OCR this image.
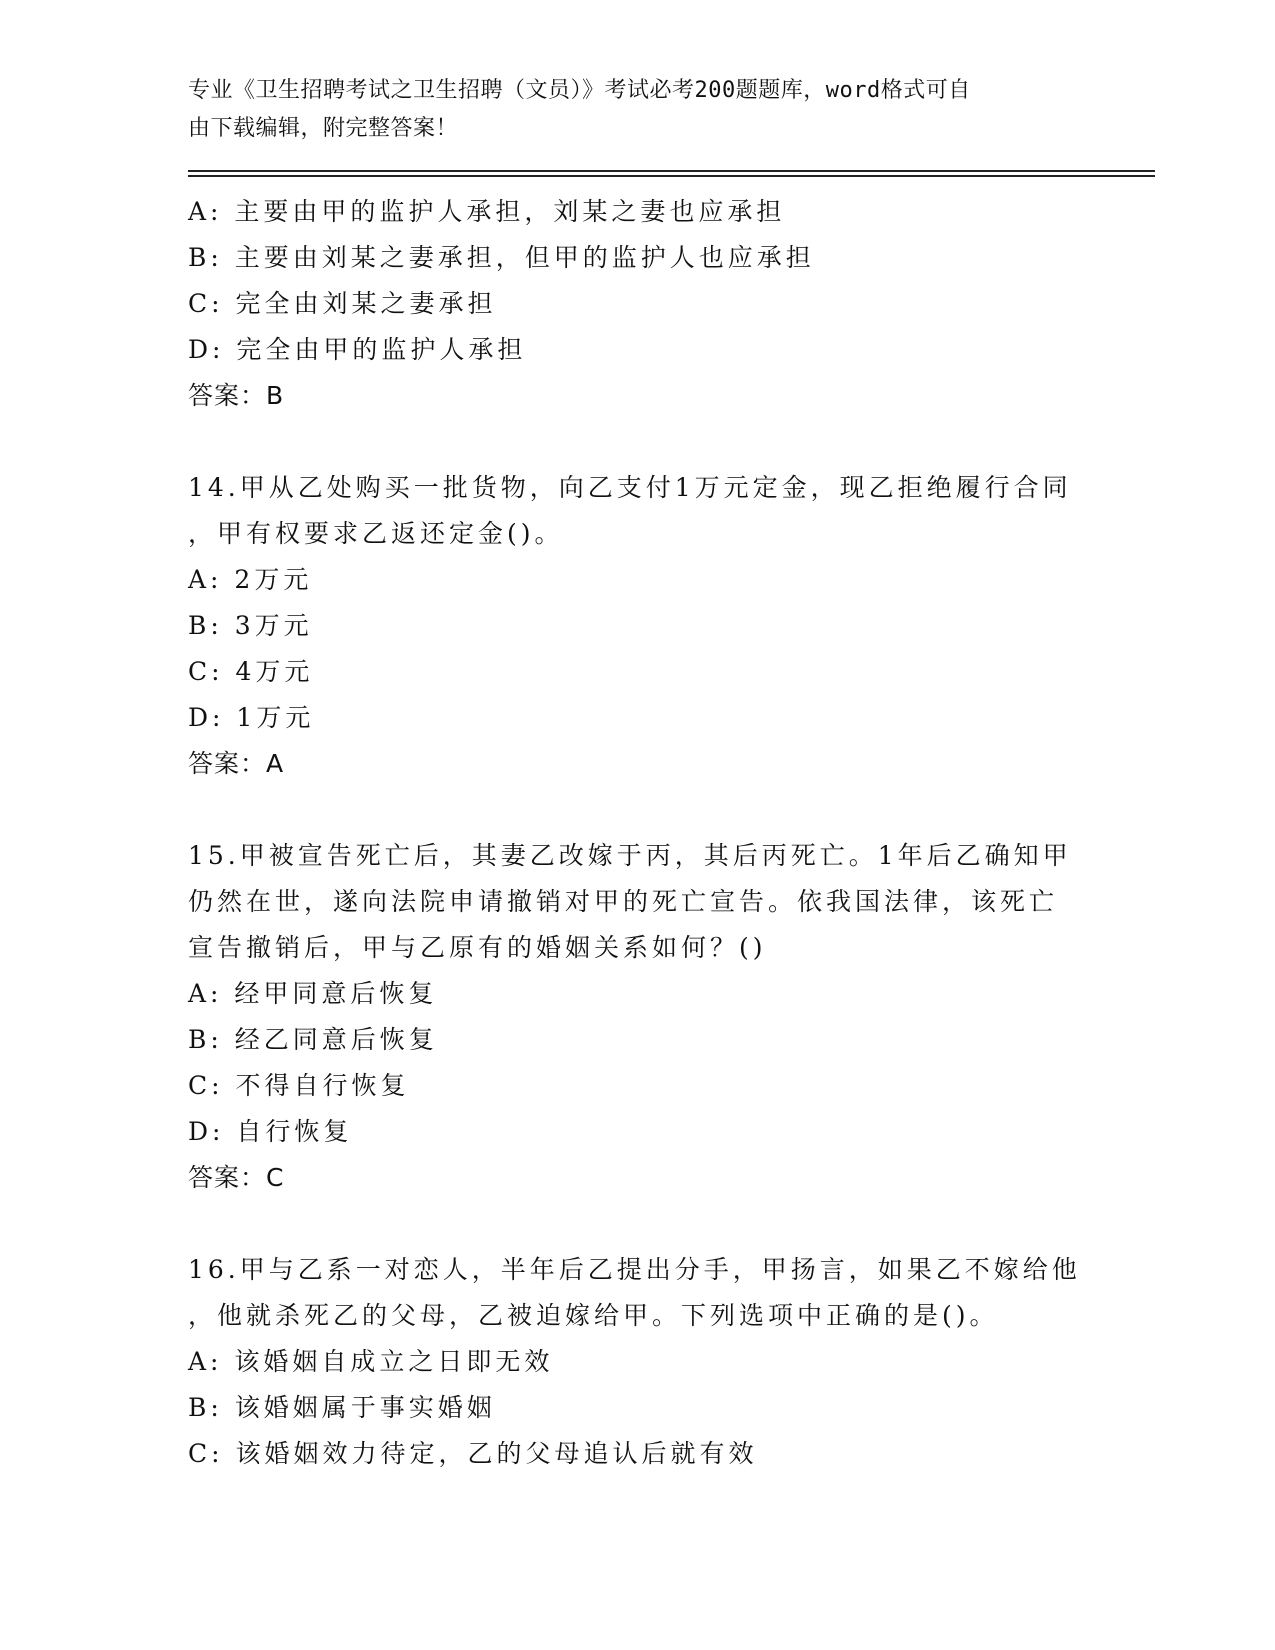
专业《卫生招聘考试之卫生招聘（文员）》考试必考200题题库，word格式可自
由下载编辑，附完整答案！
A: 主要由甲的监护人承担，刘某之妻也应承担
B: 主要由刘某之妻承担，但甲的监护人也应承担
C: 完全由刘某之妻承担
D: 完全由甲的监护人承担
答案：B
14.甲从乙处购买一批货物，向乙支付1万元定金，现乙拒绝履行合同
，甲有权要求乙返还定金()。
A: 2万元
B: 3万元
C: 4万元
D: 1万元
答案：A
15.甲被宣告死亡后，其妻乙改嫁于丙，其后丙死亡。1年后乙确知甲
仍然在世，遂向法院申请撤销对甲的死亡宣告。依我国法律，该死亡
宣告撤销后，甲与乙原有的婚姻关系如何？()
A: 经甲同意后恢复
B: 经乙同意后恢复
C: 不得自行恢复
D: 自行恢复
答案：C
16.甲与乙系一对恋人，半年后乙提出分手，甲扬言，如果乙不嫁给他
，他就杀死乙的父母，乙被迫嫁给甲。下列选项中正确的是()。
A: 该婚姻自成立之日即无效
B: 该婚姻属于事实婚姻
C: 该婚姻效力待定，乙的父母追认后就有效
